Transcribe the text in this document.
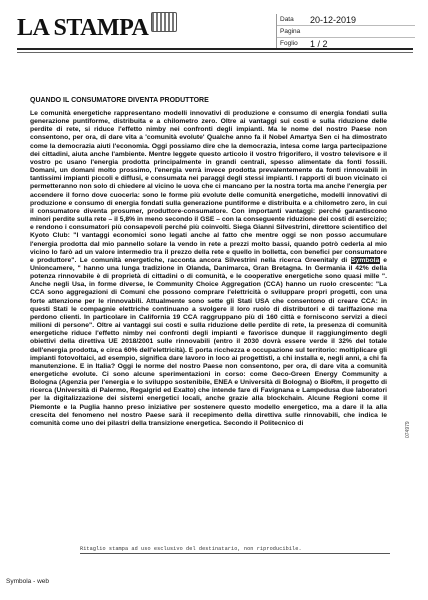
LA STAMPA	Data	20-12-2019
Pagina
Foglio	1 / 2

QUANDO IL CONSUMATORE DIVENTA PRODUTTORE

Le comunità energetiche rappresentano modelli innovativi di produzione e consumo di energia fondati sulla generazione puntiforme, distribuita e a chilometro zero. Oltre ai vantaggi sui costi e sulla riduzione delle perdite di rete, si riduce l'effetto nimby nei confronti degli impianti. Ma le nome del nostro Paese non consentono, per ora, di dare vita a 'comunità evolute' Qualche anno fa il Nobel Amartya Sen ci ha dimostrato come la democrazia aiuti l'economia. Oggi possiamo dire che la democrazia, intesa come larga partecipazione dei cittadini, aiuta anche l'ambiente. Mentre leggete questo articolo il vostro frigorifero, il vostro televisore e il vostro pc usano l'energia prodotta principalmente in grandi centrali, spesso alimentate da fonti fossili. Domani, un domani molto prossimo, l'energia verrà invece prodotta prevalentemente da fonti rinnovabili in tantissimi impianti piccoli e diffusi, e consumata nei paraggi degli stessi impianti. I rapporti di buon vicinato ci permetteranno non solo di chiedere al vicino le uova che ci mancano per la nostra torta ma anche l'energia per accendere il forno dove cuocerla: sono le forme più evolute delle comunità energetiche, modelli innovativi di produzione e consumo di energia fondati sulla generazione puntiforme e distribuita e a chilometro zero, in cui il consumatore diventa prosumer, produttore-consumatore. Con importanti vantaggi: perché garantiscono minori perdite sulla rete – il 5,8% in meno secondo il GSE – con la conseguente riduzione dei costi di esercizio; e rendono i consumatori più consapevoli perché più coinvolti. Siega Gianni Silvestrini, direttore scientifico del Kyoto Club: "I vantaggi economici sono legati anche al fatto che mentre oggi se non posso accumulare l'energia prodotta dal mio pannello solare la vendo in rete a prezzi molto bassi, quando potrò cederla al mio vicino lo farò ad un valore intermedio tra il prezzo della rete e quello in bolletta, con benefici per consumatore e produttore". Le comunità energetiche, racconta ancora Silvestrini nella ricerca Greenitaly di Symbola e Unioncamere, " hanno una lunga tradizione in Olanda, Danimarca, Gran Bretagna. In Germania il 42% della potenza rinnovabile è di proprietà di cittadini o di comunità, e le cooperative energetiche sono quasi mille ". Anche negli Usa, in forme diverse, le Community Choice Aggregation (CCA) hanno un ruolo crescente: "La CCA sono aggregazioni di Comuni che possono comprare l'elettricità o sviluppare propri progetti, con una forte attenzione per le rinnovabili. Attualmente sono sette gli Stati USA che consentono di creare CCA: in questi Stati le compagnie elettriche continuano a svolgere il loro ruolo di distributori e di tariffazione ma perdono clienti. In particolare in California 19 CCA raggruppano più di 160 città e forniscono servizi a dieci milioni di persone". Oltre ai vantaggi sui costi e sulla riduzione delle perdite di rete, la presenza di comunità energetiche riduce l'effetto nimby nei confronti degli impianti e favorisce dunque il raggiungimento degli obiettivi della direttiva UE 2018/2001 sulle rinnovabili (entro il 2030 dovrà essere verde il 32% del totale dell'energia prodotta, e circa 60% dell'elettricità). E porta ricchezza e occupazione sul territorio: moltiplicare gli impianti fotovoltaici, ad esempio, significa dare lavoro in loco ai progettisti, a chi installa e, negli anni, a chi fa manutenzione. E in Italia? Oggi le norme del nostro Paese non consentono, per ora, di dare vita a comunità energetiche evolute. Ci sono alcune sperimentazioni in corso: come Geco-Green Energy Community a Bologna (Agenzia per l'energia e lo sviluppo sostenibile, ENEA e Università di Bologna) o BioRm, il progetto di ricerca (Università di Palermo, Regalgrid ed Exalto) che intende fare di Favignana e Lampedusa due laboratori per la digitalizzazione dei sistemi energetici locali, anche grazie alla blockchain. Alcune Regioni come il Piemonte e la Puglia hanno preso iniziative per sostenere questo modello energetico, ma a dare il la alla crescita del fenomeno nel nostro Paese sarà il recepimento della direttiva sulle rinnovabili, che indica le comunità come uno dei pilastri della transizione energetica. Secondo il Politecnico di	074979
Ritaglio stampa ad uso esclusivo del destinatario, non riproducibile.
Symbola - web
